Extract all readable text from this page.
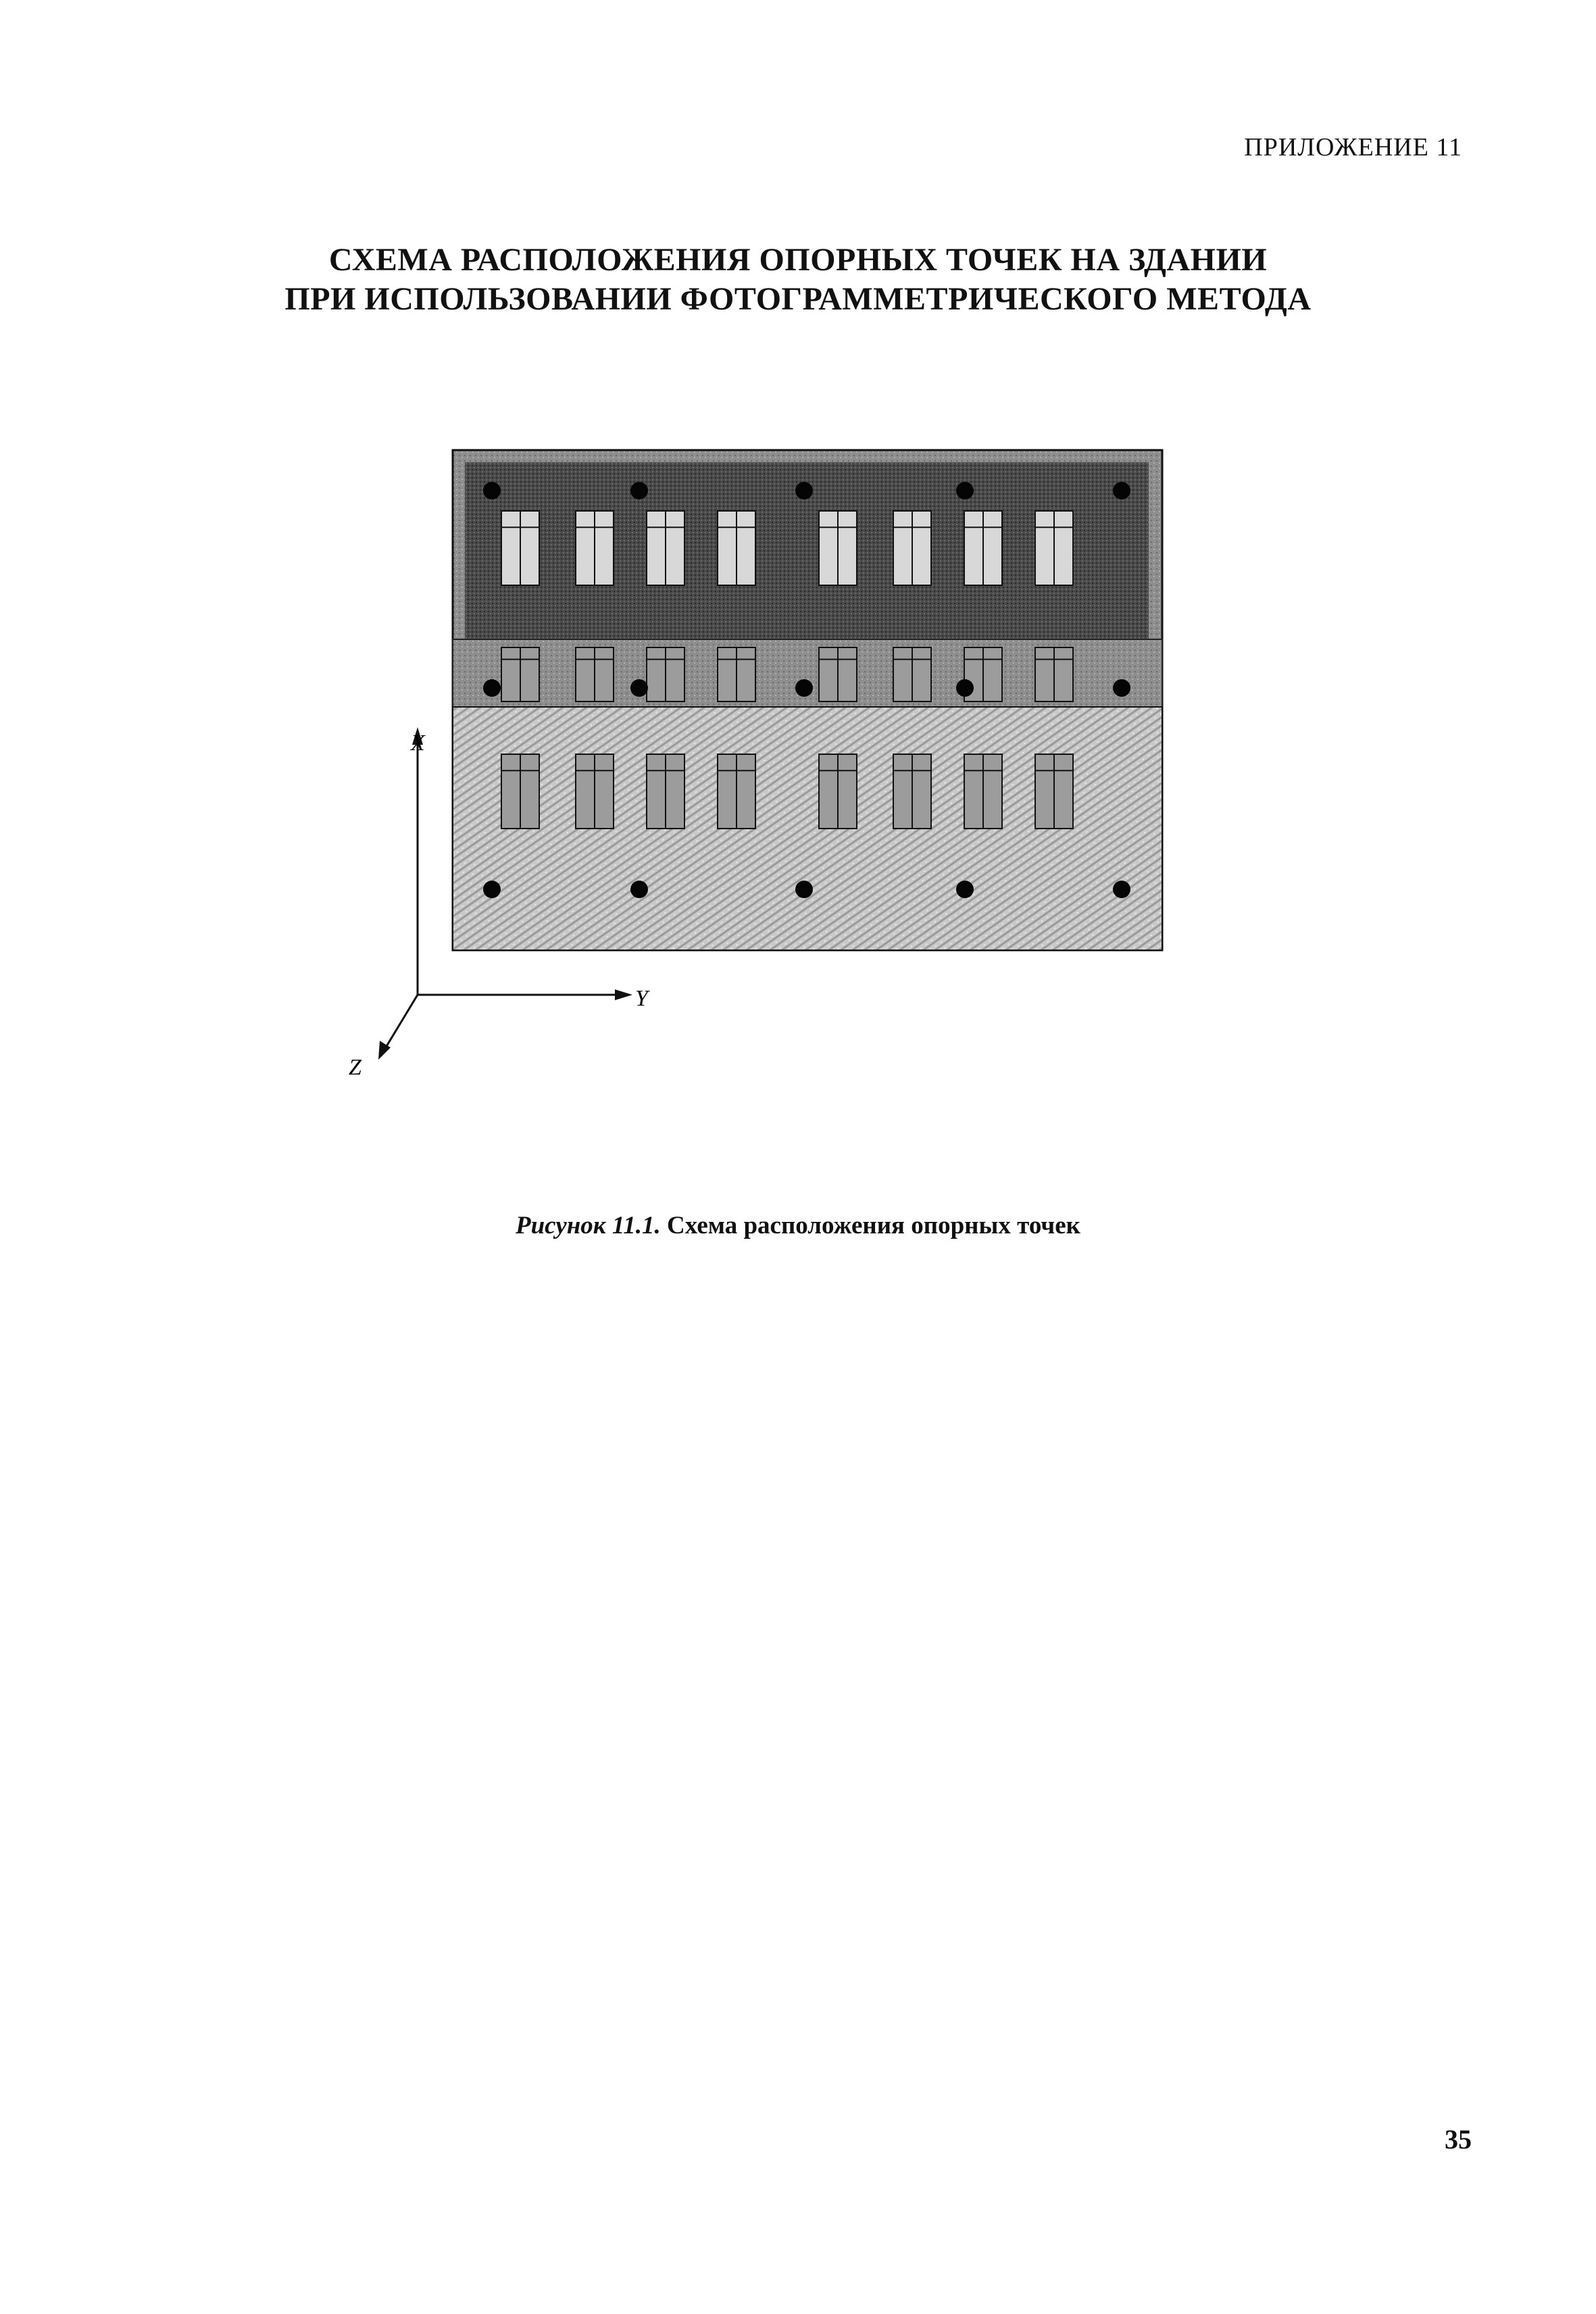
ПРИЛОЖЕНИЕ 11
СХЕМА РАСПОЛОЖЕНИЯ ОПОРНЫХ ТОЧЕК НА ЗДАНИИ
ПРИ ИСПОЛЬЗОВАНИИ ФОТОГРАММЕТРИЧЕСКОГО МЕТОДА
X
Y
Z
Рисунок 11.1. Схема расположения опорных точек
35
